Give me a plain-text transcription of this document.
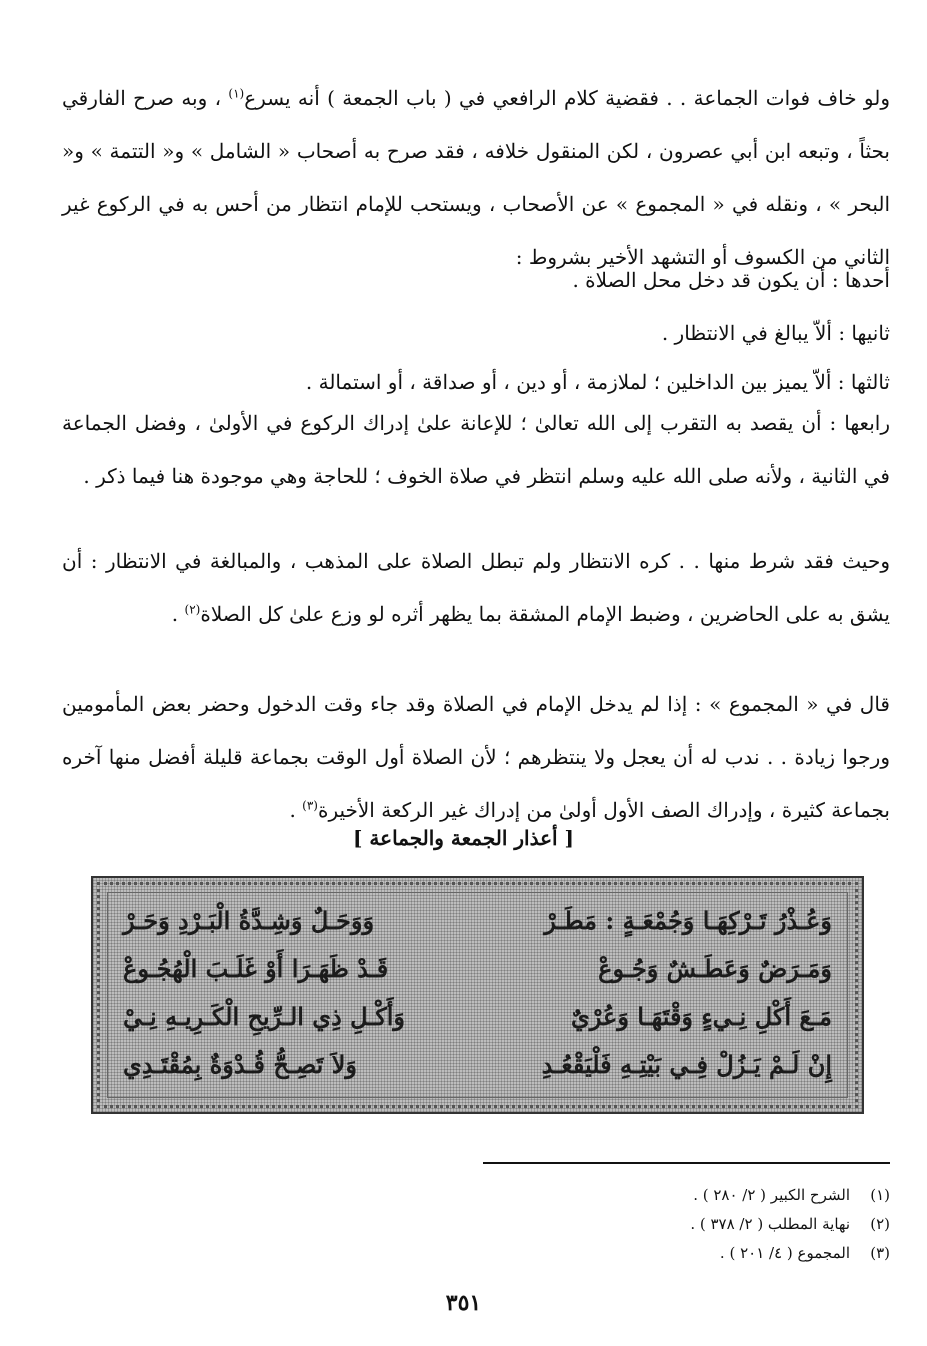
ولو خاف فوات الجماعة . . فقضية كلام الرافعي في ( باب الجمعة ) أنه يسرع$^{(١)}$ ، وبه صرح الفارقي بحثاً ، وتبعه ابن أبي عصرون ، لكن المنقول خلافه ، فقد صرح به أصحاب « الشامل » و« التتمة » و« البحر » ، ونقله في « المجموع » عن الأصحاب ، ويستحب للإمام انتظار من أحس به في الركوع غير الثاني من الكسوف أو التشهد الأخير بشروط :

أحدها : أن يكون قد دخل محل الصلاة .
ثانيها : ألاّ يبالغ في الانتظار .
ثالثها : ألاّ يميز بين الداخلين ؛ لملازمة ، أو دين ، أو صداقة ، أو استمالة .

رابعها : أن يقصد به التقرب إلى الله تعالىٰ ؛ للإعانة علىٰ إدراك الركوع في الأولىٰ ، وفضل الجماعة في الثانية ، ولأنه صلى الله عليه وسلم انتظر في صلاة الخوف ؛ للحاجة وهي موجودة هنا فيما ذكر .

وحيث فقد شرط منها . . كره الانتظار ولم تبطل الصلاة على المذهب ، والمبالغة في الانتظار : أن يشق به على الحاضرين ، وضبط الإمام المشقة بما يظهر أثره لو وزع علىٰ كل الصلاة$^{(٢)}$ .

قال في « المجموع » : إذا لم يدخل الإمام في الصلاة وقد جاء وقت الدخول وحضر بعض المأمومين ورجوا زيادة . . ندب له أن يعجل ولا ينتظرهم ؛ لأن الصلاة أول الوقت بجماعة قليلة أفضل منها آخره بجماعة كثيرة ، وإدراك الصف الأول أولىٰ من إدراك غير الركعة الأخيرة$^{(٣)}$ .

[ أعذار الجمعة والجماعة ]
وَعُـذْرُ تَـرْكِهَـا وَجُمْعَـةٍ : مَطَـرْ
وَوَحَـلٌ وَشِـدَّةُ الْبَـرْدِ وَحَـرْ
وَمَـرَضٌ وَعَطَـشٌ وَجُـوعْ
قَـدْ ظَهَـرَا أَوْ غَلَـبَ الْهُجُـوعْ
مَـعَ أَكْلِ نِـيءٍ وَقْتَهَـا وَعُرْيٌ
وَأَكْـلِ ذِي الـرِّيحِ الْكَـرِيـهِ نِـيْ
إِنْ لَـمْ يَـزُلْ فِـي بَيْتِـهِ فَلْيَقْعُـدِ
وَلاَ تَصِـحُّ قُـدْوَةٌ بِمُقْتَـدِي
(١)الشرح الكبير ( ٢/ ٢٨٠ ) .
(٢)نهاية المطلب ( ٢/ ٣٧٨ ) .
(٣)المجموع ( ٤/ ٢٠١ ) .
٣٥١
